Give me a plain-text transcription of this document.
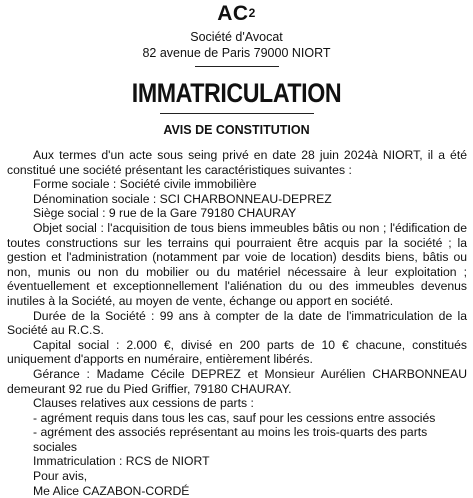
$AC^2$
Société d'Avocat
82 avenue de Paris 79000 NIORT
IMMATRICULATION
AVIS DE CONSTITUTION

Aux termes d'un acte sous seing privé en date 28 juin 2024à NIORT, il a été constitué une société présentant les caractéristiques suivantes :

Forme sociale : Société civile immobilière

Dénomination sociale : SCI CHARBONNEAU-DEPREZ

Siège social : 9 rue de la Gare 79180 CHAURAY

Objet social : l'acquisition de tous biens immeubles bâtis ou non ; l'édification de toutes constructions sur les terrains qui pourraient être acquis par la société ; la gestion et l'administration (notamment par voie de location) desdits biens, bâtis ou non, munis ou non du mobilier ou du matériel nécessaire à leur exploitation ; éventuellement et exceptionnellement l'aliénation du ou des immeubles devenus inutiles à la Société, au moyen de vente, échange ou apport en société.

Durée de la Société : 99 ans à compter de la date de l'immatriculation de la Société au R.C.S.

Capital social : 2.000 €, divisé en 200 parts de 10 € chacune, constitués uniquement d'apports en numéraire, entièrement libérés.

Gérance : Madame Cécile DEPREZ et Monsieur Aurélien CHARBONNEAU demeurant 92 rue du Pied Griffier, 79180 CHAURAY.

Clauses relatives aux cessions de parts :

- agrément requis dans tous les cas, sauf pour les cessions entre associés

- agrément des associés représentant au moins les trois-quarts des parts sociales

Immatriculation : RCS de NIORT

Pour avis,

Me Alice CAZABON-CORDÉ
